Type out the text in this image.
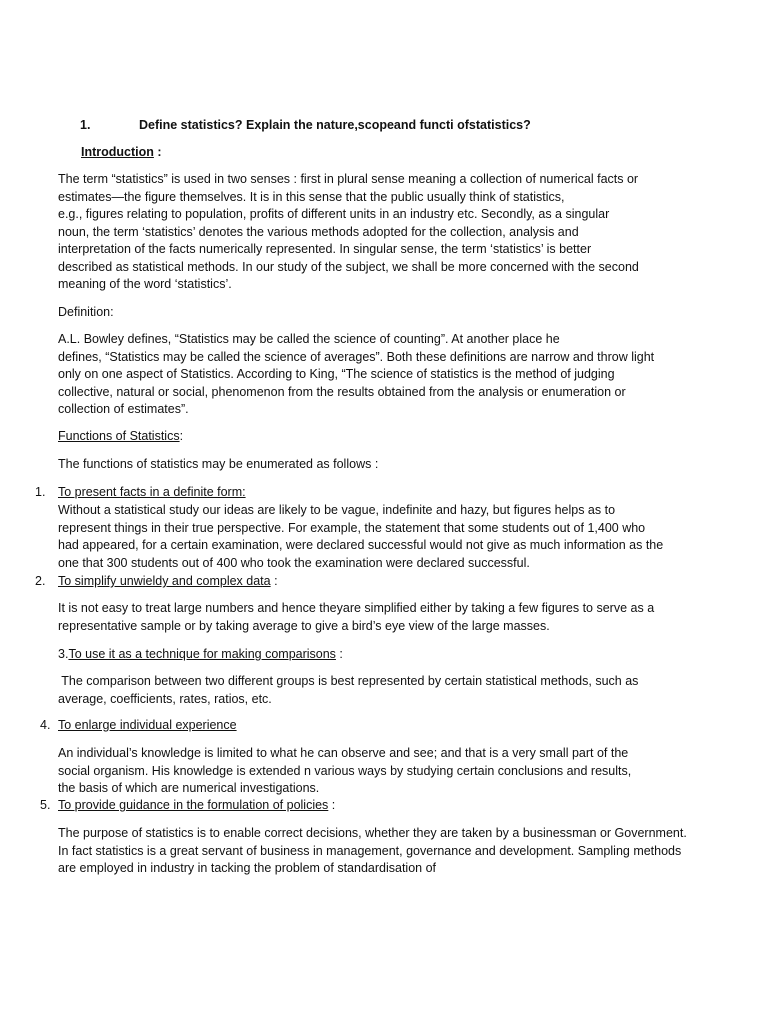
1.	Define statistics? Explain the nature,scopeand functi ofstatistics?

Introduction :

The term “statistics” is used in two senses : first in plural sense meaning a collection of numerical facts or
estimates—the figure themselves. It is in this sense that the public usually think of statistics,
e.g., figures relating to population, profits of different units in an industry etc. Secondly, as a singular
noun, the term ‘statistics’ denotes the various methods adopted for the collection, analysis and
interpretation of the facts numerically represented. In singular sense, the term ‘statistics’ is better
described as statistical methods. In our study of the subject, we shall be more concerned with the second
meaning of the word ‘statistics’.

Definition:

A.L. Bowley defines, “Statistics may be called the science of counting”. At another place he
defines, “Statistics may be called the science of averages”. Both these definitions are narrow and throw light
only on one aspect of Statistics. According to King, “The science of statistics is the method of judging
collective, natural or social, phenomenon from the results obtained from the analysis or enumeration or
collection of estimates”.

Functions of Statistics:

The functions of statistics may be enumerated as follows :

1. To present facts in a definite form:

Without a statistical study our ideas are likely to be vague, indefinite and hazy, but figures helps as to
represent things in their true perspective. For example, the statement that some students out of 1,400 who
had appeared, for a certain examination, were declared successful would not give as much information as the
one that 300 students out of 400 who took the examination were declared successful.

2. To simplify unwieldy and complex data :

It is not easy to treat large numbers and hence theyare simplified either by taking a few figures to serve as a
representative sample or by taking average to give a bird’s eye view of the large masses.

3.To use it as a technique for making comparisons :

The comparison between two different groups is best represented by certain statistical methods, such as
average, coefficients, rates, ratios, etc.

4. To enlarge individual experience

An individual’s knowledge is limited to what he can observe and see; and that is a very small part of the
social organism. His knowledge is extended n various ways by studying certain conclusions and results,
the basis of which are numerical investigations.

5. To provide guidance in the formulation of policies :

The purpose of statistics is to enable correct decisions, whether they are taken by a businessman or Government.
In fact statistics is a great servant of business in management, governance and development. Sampling methods
are employed in industry in tacking the problem of standardisation of
